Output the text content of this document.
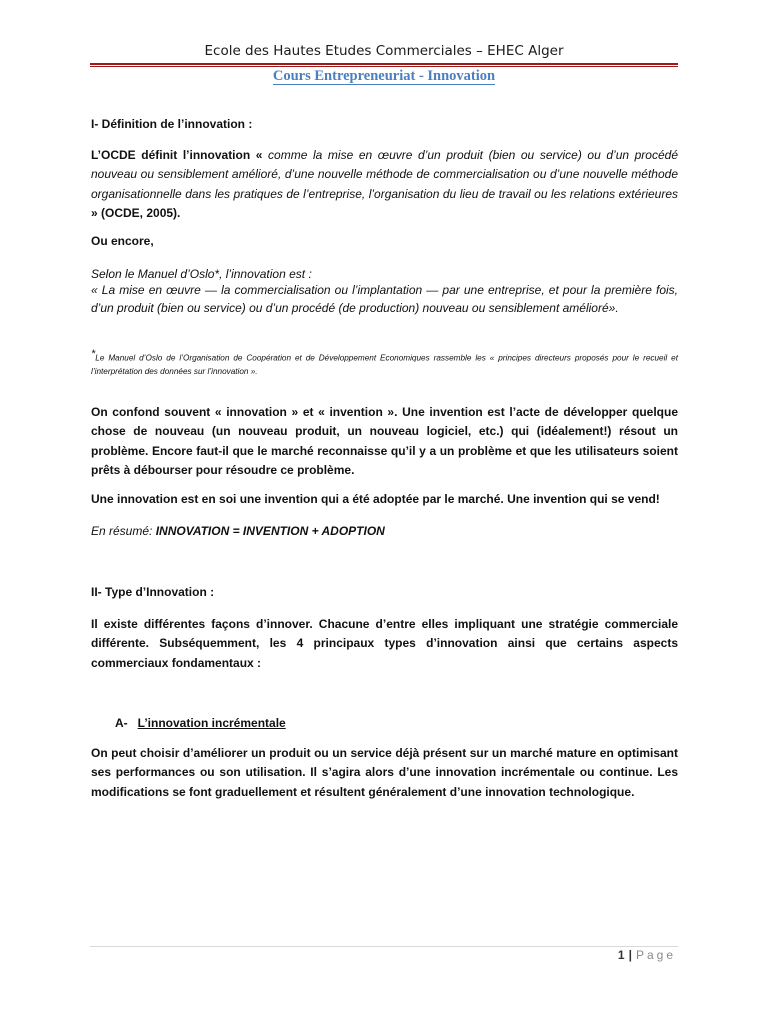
Ecole des Hautes Etudes Commerciales – EHEC Alger
Cours Entrepreneuriat - Innovation
I- Définition de l’innovation :
L’OCDE définit l’innovation « comme la mise en œuvre d’un produit (bien ou service) ou d’un procédé nouveau ou sensiblement amélioré, d’une nouvelle méthode de commercialisation ou d’une nouvelle méthode organisationnelle dans les pratiques de l’entreprise, l’organisation du lieu de travail ou les relations extérieures » (OCDE, 2005).
Ou encore,
Selon le Manuel d’Oslo*, l’innovation est :
« La mise en œuvre — la commercialisation ou l’implantation — par une entreprise, et pour la première fois, d’un produit (bien ou service) ou d’un procédé (de production) nouveau ou sensiblement amélioré».
*Le Manuel d’Oslo de l’Organisation de Coopération et de Développement Economiques rassemble les « principes directeurs proposés pour le recueil et l’interprétation des données sur l’innovation ».
On confond souvent « innovation » et « invention ». Une invention est l’acte de développer quelque chose de nouveau (un nouveau produit, un nouveau logiciel, etc.) qui (idéalement!) résout un problème. Encore faut-il que le marché reconnaisse qu’il y a un problème et que les utilisateurs soient prêts à débourser pour résoudre ce problème.
Une innovation est en soi une invention qui a été adoptée par le marché. Une invention qui se vend!
En résumé: INNOVATION = INVENTION + ADOPTION
II- Type d’Innovation :
Il existe différentes façons d’innover. Chacune d’entre elles impliquant une stratégie commerciale différente. Subséquemment, les 4 principaux types d’innovation ainsi que certains aspects commerciaux fondamentaux :
A- L’innovation incrémentale
On peut choisir d’améliorer un produit ou un service déjà présent sur un marché mature en optimisant ses performances ou son utilisation. Il s’agira alors d’une innovation incrémentale ou continue. Les modifications se font graduellement et résultent généralement d’une innovation technologique.
1 | Page
